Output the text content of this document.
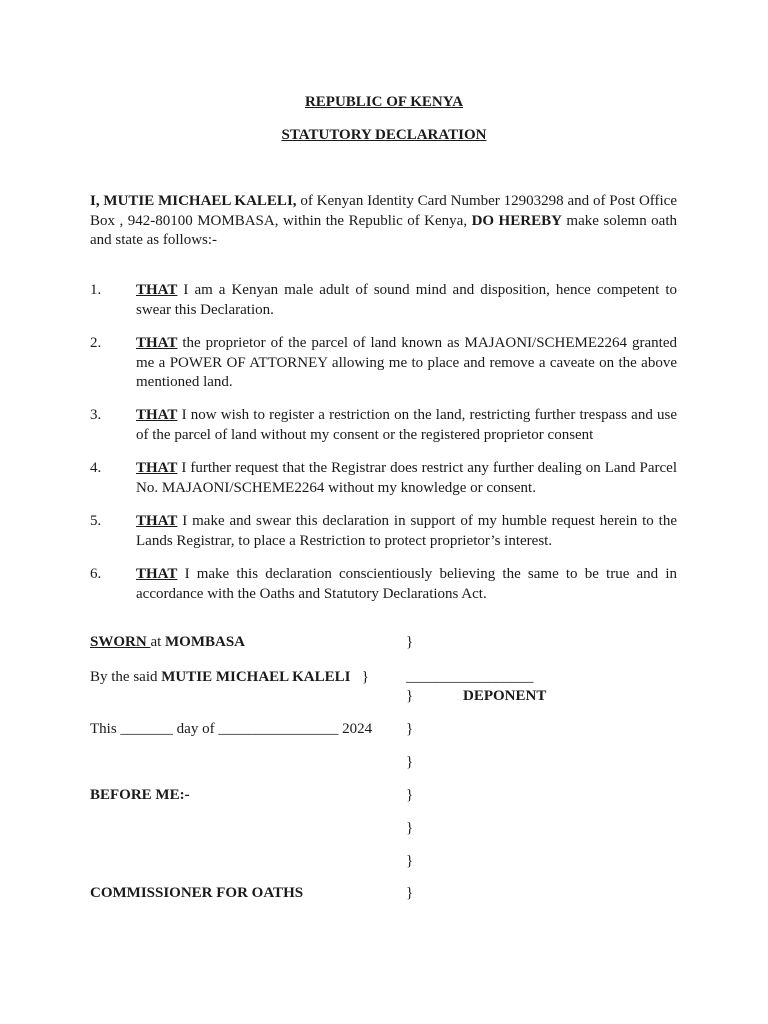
REPUBLIC OF KENYA
STATUTORY DECLARATION
I, MUTIE MICHAEL KALELI, of Kenyan Identity Card Number 12903298 and of Post Office Box , 942-80100 MOMBASA, within the Republic of Kenya, DO HEREBY make solemn oath and state as follows:-
1. THAT I am a Kenyan male adult of sound mind and disposition, hence competent to swear this Declaration.
2. THAT the proprietor of the parcel of land known as MAJAONI/SCHEME2264 granted me a POWER OF ATTORNEY allowing me to place and remove a caveate on the above mentioned land.
3. THAT I now wish to register a restriction on the land, restricting further trespass and use of the parcel of land without my consent or the registered proprietor consent
4. THAT I further request that the Registrar does restrict any further dealing on Land Parcel No. MAJAONI/SCHEME2264 without my knowledge or consent.
5. THAT I make and swear this declaration in support of my humble request herein to the Lands Registrar, to place a Restriction to protect proprietor’s interest.
6. THAT I make this declaration conscientiously believing the same to be true and in accordance with the Oaths and Statutory Declarations Act.
SWORN at MOMBASA	}
By the said MUTIE MICHAEL KALELI   } _________________
}	DEPONENT
This _______ day of ________________ 2024 }
}
BEFORE ME:-	}
}
}
COMMISSIONER FOR OATHS	}
